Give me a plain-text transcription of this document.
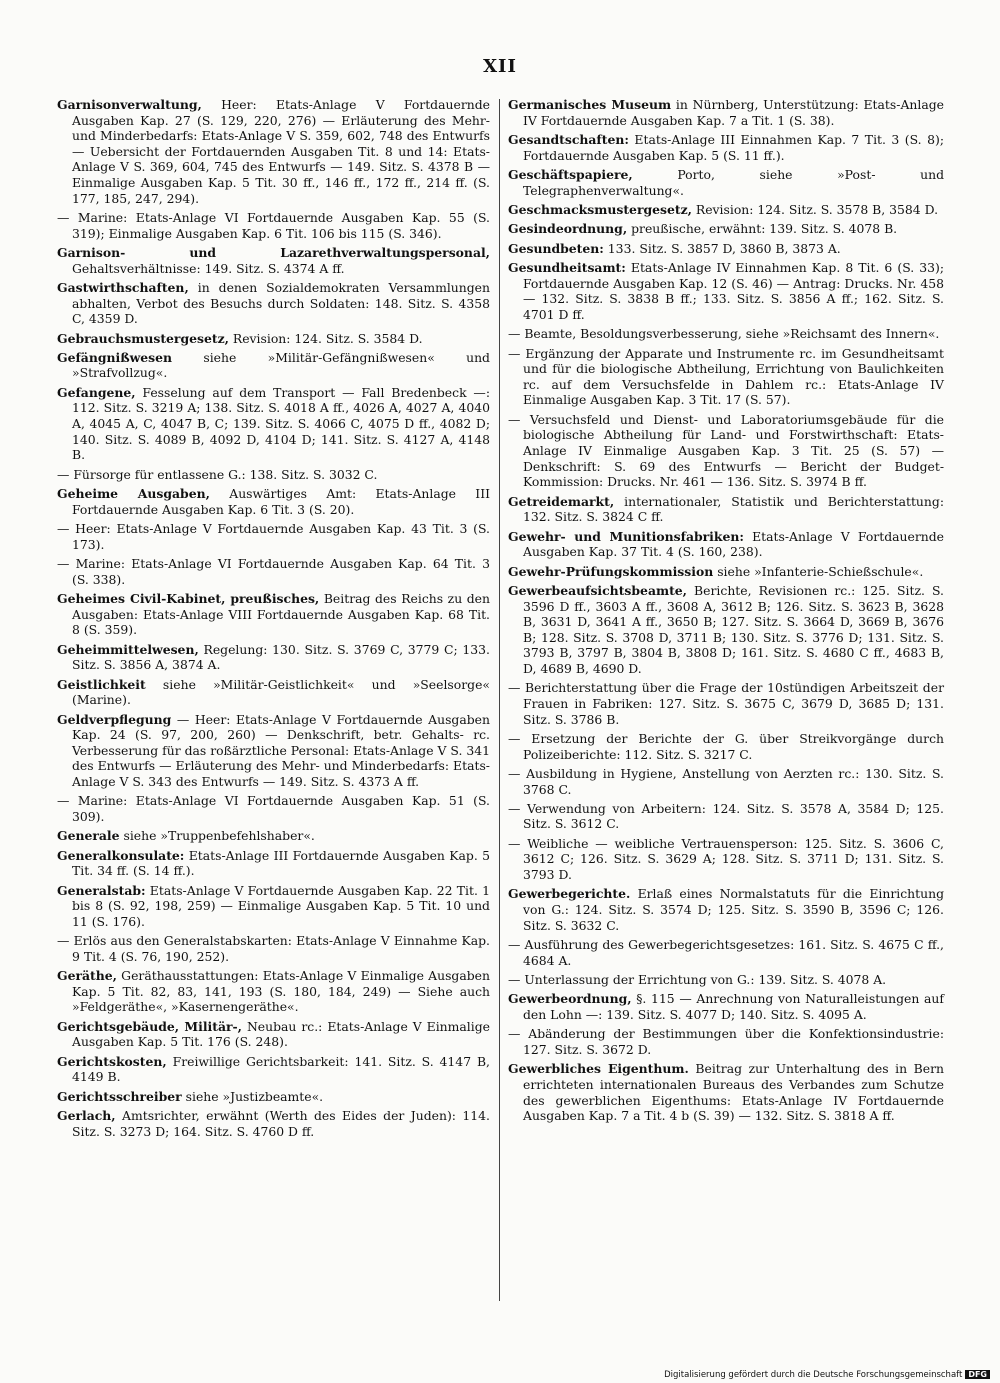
XII

Garnisonverwaltung, Heer: Etats-Anlage V Fortdauernde Ausgaben Kap. 27 (S. 129, 220, 276) — Erläuterung des Mehr- und Minderbedarfs: Etats-Anlage V S. 359, 602, 748 des Entwurfs — Uebersicht der Fortdauernden Ausgaben Tit. 8 und 14: Etats-Anlage V S. 369, 604, 745 des Entwurfs — 149. Sitz. S. 4378 B — Einmalige Ausgaben Kap. 5 Tit. 30 ff., 146 ff., 172 ff., 214 ff. (S. 177, 185, 247, 294).

— Marine: Etats-Anlage VI Fortdauernde Ausgaben Kap. 55 (S. 319); Einmalige Ausgaben Kap. 6 Tit. 106 bis 115 (S. 346).

Garnison- und Lazarethverwaltungspersonal, Gehaltsverhältnisse: 149. Sitz. S. 4374 A ff.

Gastwirthschaften, in denen Sozialdemokraten Versammlungen abhalten, Verbot des Besuchs durch Soldaten: 148. Sitz. S. 4358 C, 4359 D.

Gebrauchsmustergesetz, Revision: 124. Sitz. S. 3584 D.

Gefängnißwesen siehe »Militär-Gefängnißwesen« und »Strafvollzug«.

Gefangene, Fesselung auf dem Transport — Fall Bredenbeck —: 112. Sitz. S. 3219 A; 138. Sitz. S. 4018 A ff., 4026 A, 4027 A, 4040 A, 4045 A, C, 4047 B, C; 139. Sitz. S. 4066 C, 4075 D ff., 4082 D; 140. Sitz. S. 4089 B, 4092 D, 4104 D; 141. Sitz. S. 4127 A, 4148 B.

— Fürsorge für entlassene G.: 138. Sitz. S. 3032 C.

Geheime Ausgaben, Auswärtiges Amt: Etats-Anlage III Fortdauernde Ausgaben Kap. 6 Tit. 3 (S. 20).

— Heer: Etats-Anlage V Fortdauernde Ausgaben Kap. 43 Tit. 3 (S. 173).

— Marine: Etats-Anlage VI Fortdauernde Ausgaben Kap. 64 Tit. 3 (S. 338).

Geheimes Civil-Kabinet, preußisches, Beitrag des Reichs zu den Ausgaben: Etats-Anlage VIII Fortdauernde Ausgaben Kap. 68 Tit. 8 (S. 359).

Geheimmittelwesen, Regelung: 130. Sitz. S. 3769 C, 3779 C; 133. Sitz. S. 3856 A, 3874 A.

Geistlichkeit siehe »Militär-Geistlichkeit« und »Seelsorge« (Marine).

Geldverpflegung — Heer: Etats-Anlage V Fortdauernde Ausgaben Kap. 24 (S. 97, 200, 260) — Denkschrift, betr. Gehalts- rc. Verbesserung für das roßärztliche Personal: Etats-Anlage V S. 341 des Entwurfs — Erläuterung des Mehr- und Minderbedarfs: Etats-Anlage V S. 343 des Entwurfs — 149. Sitz. S. 4373 A ff.

— Marine: Etats-Anlage VI Fortdauernde Ausgaben Kap. 51 (S. 309).

Generale siehe »Truppenbefehlshaber«.

Generalkonsulate: Etats-Anlage III Fortdauernde Ausgaben Kap. 5 Tit. 34 ff. (S. 14 ff.).

Generalstab: Etats-Anlage V Fortdauernde Ausgaben Kap. 22 Tit. 1 bis 8 (S. 92, 198, 259) — Einmalige Ausgaben Kap. 5 Tit. 10 und 11 (S. 176).

— Erlös aus den Generalstabskarten: Etats-Anlage V Einnahme Kap. 9 Tit. 4 (S. 76, 190, 252).

Geräthe, Geräthausstattungen: Etats-Anlage V Einmalige Ausgaben Kap. 5 Tit. 82, 83, 141, 193 (S. 180, 184, 249) — Siehe auch »Feldgeräthe«, »Kasernengeräthe«.

Gerichtsgebäude, Militär-, Neubau rc.: Etats-Anlage V Einmalige Ausgaben Kap. 5 Tit. 176 (S. 248).

Gerichtskosten, Freiwillige Gerichtsbarkeit: 141. Sitz. S. 4147 B, 4149 B.

Gerichtsschreiber siehe »Justizbeamte«.

Gerlach, Amtsrichter, erwähnt (Werth des Eides der Juden): 114. Sitz. S. 3273 D; 164. Sitz. S. 4760 D ff.

Germanisches Museum in Nürnberg, Unterstützung: Etats-Anlage IV Fortdauernde Ausgaben Kap. 7 a Tit. 1 (S. 38).

Gesandtschaften: Etats-Anlage III Einnahmen Kap. 7 Tit. 3 (S. 8); Fortdauernde Ausgaben Kap. 5 (S. 11 ff.).

Geschäftspapiere, Porto, siehe »Post- und Telegraphenverwaltung«.

Geschmacksmustergesetz, Revision: 124. Sitz. S. 3578 B, 3584 D.

Gesindeordnung, preußische, erwähnt: 139. Sitz. S. 4078 B.

Gesundbeten: 133. Sitz. S. 3857 D, 3860 B, 3873 A.

Gesundheitsamt: Etats-Anlage IV Einnahmen Kap. 8 Tit. 6 (S. 33); Fortdauernde Ausgaben Kap. 12 (S. 46) — Antrag: Drucks. Nr. 458 — 132. Sitz. S. 3838 B ff.; 133. Sitz. S. 3856 A ff.; 162. Sitz. S. 4701 D ff.

— Beamte, Besoldungsverbesserung, siehe »Reichsamt des Innern«.

— Ergänzung der Apparate und Instrumente rc. im Gesundheitsamt und für die biologische Abtheilung, Errichtung von Baulichkeiten rc. auf dem Versuchsfelde in Dahlem rc.: Etats-Anlage IV Einmalige Ausgaben Kap. 3 Tit. 17 (S. 57).

— Versuchsfeld und Dienst- und Laboratoriumsgebäude für die biologische Abtheilung für Land- und Forstwirthschaft: Etats-Anlage IV Einmalige Ausgaben Kap. 3 Tit. 25 (S. 57) — Denkschrift: S. 69 des Entwurfs — Bericht der Budget-Kommission: Drucks. Nr. 461 — 136. Sitz. S. 3974 B ff.

Getreidemarkt, internationaler, Statistik und Berichterstattung: 132. Sitz. S. 3824 C ff.

Gewehr- und Munitionsfabriken: Etats-Anlage V Fortdauernde Ausgaben Kap. 37 Tit. 4 (S. 160, 238).

Gewehr-Prüfungskommission siehe »Infanterie-Schießschule«.

Gewerbeaufsichtsbeamte, Berichte, Revisionen rc.: 125. Sitz. S. 3596 D ff., 3603 A ff., 3608 A, 3612 B; 126. Sitz. S. 3623 B, 3628 B, 3631 D, 3641 A ff., 3650 B; 127. Sitz. S. 3664 D, 3669 B, 3676 B; 128. Sitz. S. 3708 D, 3711 B; 130. Sitz. S. 3776 D; 131. Sitz. S. 3793 B, 3797 B, 3804 B, 3808 D; 161. Sitz. S. 4680 C ff., 4683 B, D, 4689 B, 4690 D.

— Berichterstattung über die Frage der 10stündigen Arbeitszeit der Frauen in Fabriken: 127. Sitz. S. 3675 C, 3679 D, 3685 D; 131. Sitz. S. 3786 B.

— Ersetzung der Berichte der G. über Streikvorgänge durch Polizeiberichte: 112. Sitz. S. 3217 C.

— Ausbildung in Hygiene, Anstellung von Aerzten rc.: 130. Sitz. S. 3768 C.

— Verwendung von Arbeitern: 124. Sitz. S. 3578 A, 3584 D; 125. Sitz. S. 3612 C.

— Weibliche — weibliche Vertrauensperson: 125. Sitz. S. 3606 C, 3612 C; 126. Sitz. S. 3629 A; 128. Sitz. S. 3711 D; 131. Sitz. S. 3793 D.

Gewerbegerichte. Erlaß eines Normalstatuts für die Einrichtung von G.: 124. Sitz. S. 3574 D; 125. Sitz. S. 3590 B, 3596 C; 126. Sitz. S. 3632 C.

— Ausführung des Gewerbegerichtsgesetzes: 161. Sitz. S. 4675 C ff., 4684 A.

— Unterlassung der Errichtung von G.: 139. Sitz. S. 4078 A.

Gewerbeordnung, §. 115 — Anrechnung von Naturalleistungen auf den Lohn —: 139. Sitz. S. 4077 D; 140. Sitz. S. 4095 A.

— Abänderung der Bestimmungen über die Konfektionsindustrie: 127. Sitz. S. 3672 D.

Gewerbliches Eigenthum. Beitrag zur Unterhaltung des in Bern errichteten internationalen Bureaus des Verbandes zum Schutze des gewerblichen Eigenthums: Etats-Anlage IV Fortdauernde Ausgaben Kap. 7 a Tit. 4 b (S. 39) — 132. Sitz. S. 3818 A ff.

Digitalisierung gefördert durch die Deutsche Forschungsgemeinschaft DFG
